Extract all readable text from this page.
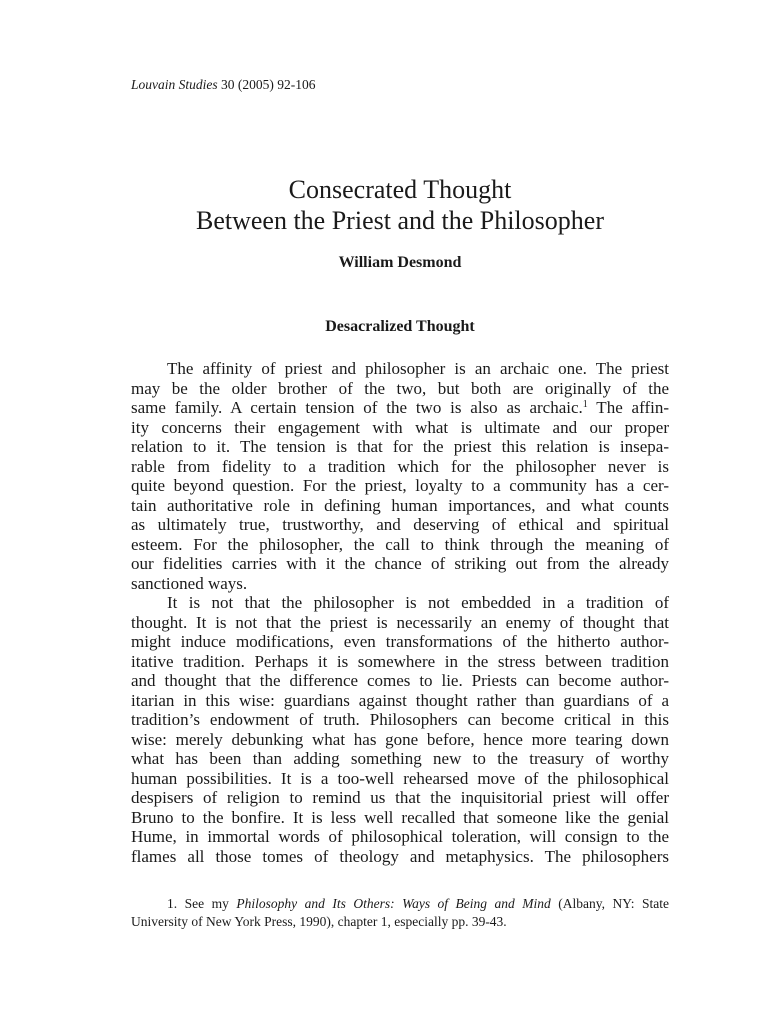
Louvain Studies 30 (2005) 92-106
Consecrated Thought
Between the Priest and the Philosopher
William Desmond
Desacralized Thought
The affinity of priest and philosopher is an archaic one. The priest
may be the older brother of the two, but both are originally of the
same family. A certain tension of the two is also as archaic.$^1$ The affin-
ity concerns their engagement with what is ultimate and our proper
relation to it. The tension is that for the priest this relation is insepa-
rable from fidelity to a tradition which for the philosopher never is
quite beyond question. For the priest, loyalty to a community has a cer-
tain authoritative role in defining human importances, and what counts
as ultimately true, trustworthy, and deserving of ethical and spiritual
esteem. For the philosopher, the call to think through the meaning of
our fidelities carries with it the chance of striking out from the already
sanctioned ways.
It is not that the philosopher is not embedded in a tradition of
thought. It is not that the priest is necessarily an enemy of thought that
might induce modifications, even transformations of the hitherto author-
itative tradition. Perhaps it is somewhere in the stress between tradition
and thought that the difference comes to lie. Priests can become author-
itarian in this wise: guardians against thought rather than guardians of a
tradition’s endowment of truth. Philosophers can become critical in this
wise: merely debunking what has gone before, hence more tearing down
what has been than adding something new to the treasury of worthy
human possibilities. It is a too-well rehearsed move of the philosophical
despisers of religion to remind us that the inquisitorial priest will offer
Bruno to the bonfire. It is less well recalled that someone like the genial
Hume, in immortal words of philosophical toleration, will consign to the
flames all those tomes of theology and metaphysics. The philosophers
1. See my Philosophy and Its Others: Ways of Being and Mind (Albany, NY: State
University of New York Press, 1990), chapter 1, especially pp. 39-43.
